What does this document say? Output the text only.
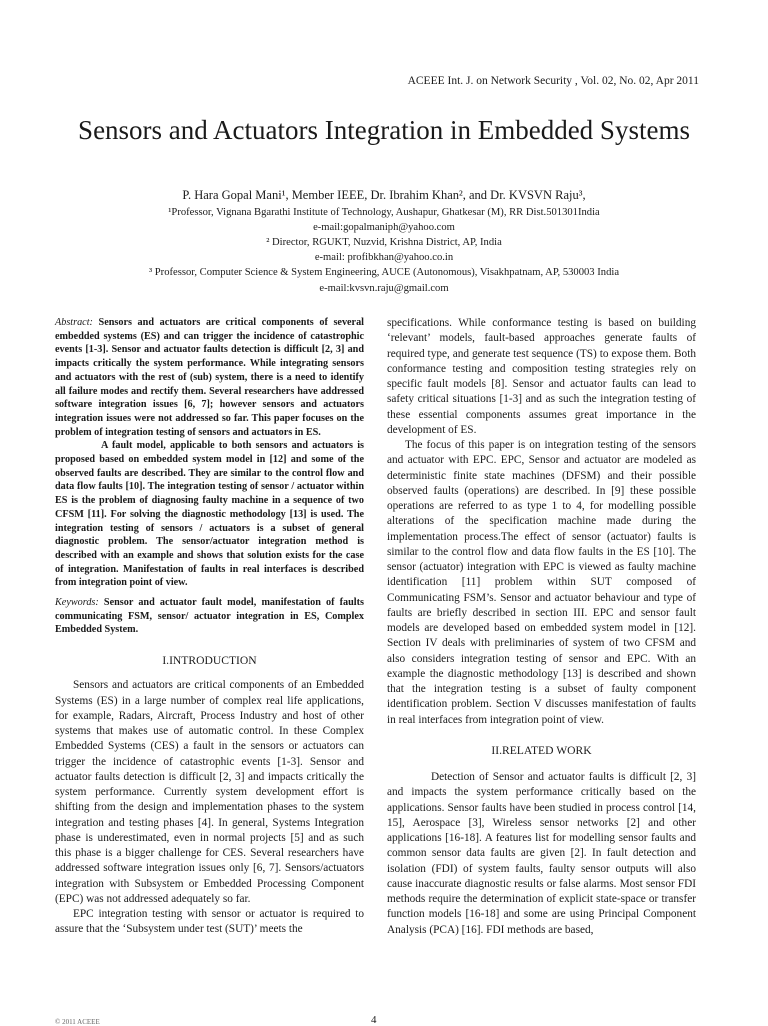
ACEEE Int. J. on Network Security , Vol. 02, No. 02, Apr 2011
Sensors and Actuators Integration in Embedded Systems
P. Hara Gopal Mani¹, Member IEEE, Dr. Ibrahim Khan², and Dr. KVSVN Raju³,
¹Professor, Vignana Bgarathi Institute of Technology, Aushapur, Ghatkesar (M), RR Dist.501301India
e-mail:gopalmaniph@yahoo.com
² Director, RGUKT, Nuzvid, Krishna District, AP, India
e-mail: profibkhan@yahoo.co.in
³ Professor, Computer Science & System Engineering, AUCE (Autonomous), Visakhpatnam, AP, 530003 India
e-mail:kvsvn.raju@gmail.com

Abstract: Sensors and actuators are critical components of several embedded systems (ES) and can trigger the incidence of catastrophic events [1-3]. Sensor and actuator faults detection is difficult [2, 3] and impacts critically the system performance. While integrating sensors and actuators with the rest of (sub) system, there is a need to identify all failure modes and rectify them. Several researchers have addressed software integration issues [6, 7]; however sensors and actuators integration issues were not addressed so far. This paper focuses on the problem of integration testing of sensors and actuators in ES.

A fault model, applicable to both sensors and actuators is proposed based on embedded system model in [12] and some of the observed faults are described. They are similar to the control flow and data flow faults [10]. The integration testing of sensor / actuator within ES is the problem of diagnosing faulty machine in a sequence of two CFSM [11]. For solving the diagnostic methodology [13] is used. The integration testing of sensors / actuators is a subset of general diagnostic problem. The sensor/actuator integration method is described with an example and shows that solution exists for the case of integration. Manifestation of faults in real interfaces is described from integration point of view.

Keywords: Sensor and actuator fault model, manifestation of faults communicating FSM, sensor/ actuator integration in ES, Complex Embedded System.

I.INTRODUCTION

Sensors and actuators are critical components of an Embedded Systems (ES) in a large number of complex real life applications, for example, Radars, Aircraft, Process Industry and host of other systems that makes use of automatic control. In these Complex Embedded Systems (CES) a fault in the sensors or actuators can trigger the incidence of catastrophic events [1-3]. Sensor and actuator faults detection is difficult [2, 3] and impacts critically the system performance. Currently system development effort is shifting from the design and implementation phases to the system integration and testing phases [4]. In general, Systems Integration phase is underestimated, even in normal projects [5] and as such this phase is a bigger challenge for CES. Several researchers have addressed software integration issues only [6, 7]. Sensors/actuators integration with Subsystem or Embedded Processing Component (EPC) was not addressed adequately so far.

EPC integration testing with sensor or actuator is required to assure that the ‘Subsystem under test (SUT)’ meets the

specifications. While conformance testing is based on building ‘relevant’ models, fault-based approaches generate faults of required type, and generate test sequence (TS) to expose them. Both conformance testing and composition testing strategies rely on specific fault models [8]. Sensor and actuator faults can lead to safety critical situations [1-3] and as such the integration testing of these essential components assumes great importance in the development of ES.

The focus of this paper is on integration testing of the sensors and actuator with EPC. EPC, Sensor and actuator are modeled as deterministic finite state machines (DFSM) and their possible observed faults (operations) are described. In [9] these possible operations are referred to as type 1 to 4, for modelling possible alterations of the specification machine made during the implementation process.The effect of sensor (actuator) faults is similar to the control flow and data flow faults in the ES [10]. The sensor (actuator) integration with EPC is viewed as faulty machine identification [11] problem within SUT composed of Communicating FSM’s. Sensor and actuator behaviour and type of faults are briefly described in section III. EPC and sensor fault models are developed based on embedded system model in [12]. Section IV deals with preliminaries of system of two CFSM and also considers integration testing of sensor and EPC. With an example the diagnostic methodology [13] is described and shown that the integration testing is a subset of faulty component identification problem. Section V discusses manifestation of faults in real interfaces from integration point of view.

II.RELATED WORK

Detection of Sensor and actuator faults is difficult [2, 3] and impacts the system performance critically based on the applications. Sensor faults have been studied in process control [14, 15], Aerospace [3], Wireless sensor networks [2] and other applications [16-18]. A features list for modelling sensor faults and common sensor data faults are given [2]. In fault detection and isolation (FDI) of system faults, faulty sensor outputs will also cause inaccurate diagnostic results or false alarms. Most sensor FDI methods require the determination of explicit state-space or transfer function models [16-18] and some are using Principal Component Analysis (PCA) [16]. FDI methods are based,

© 2011 ACEEE	4
